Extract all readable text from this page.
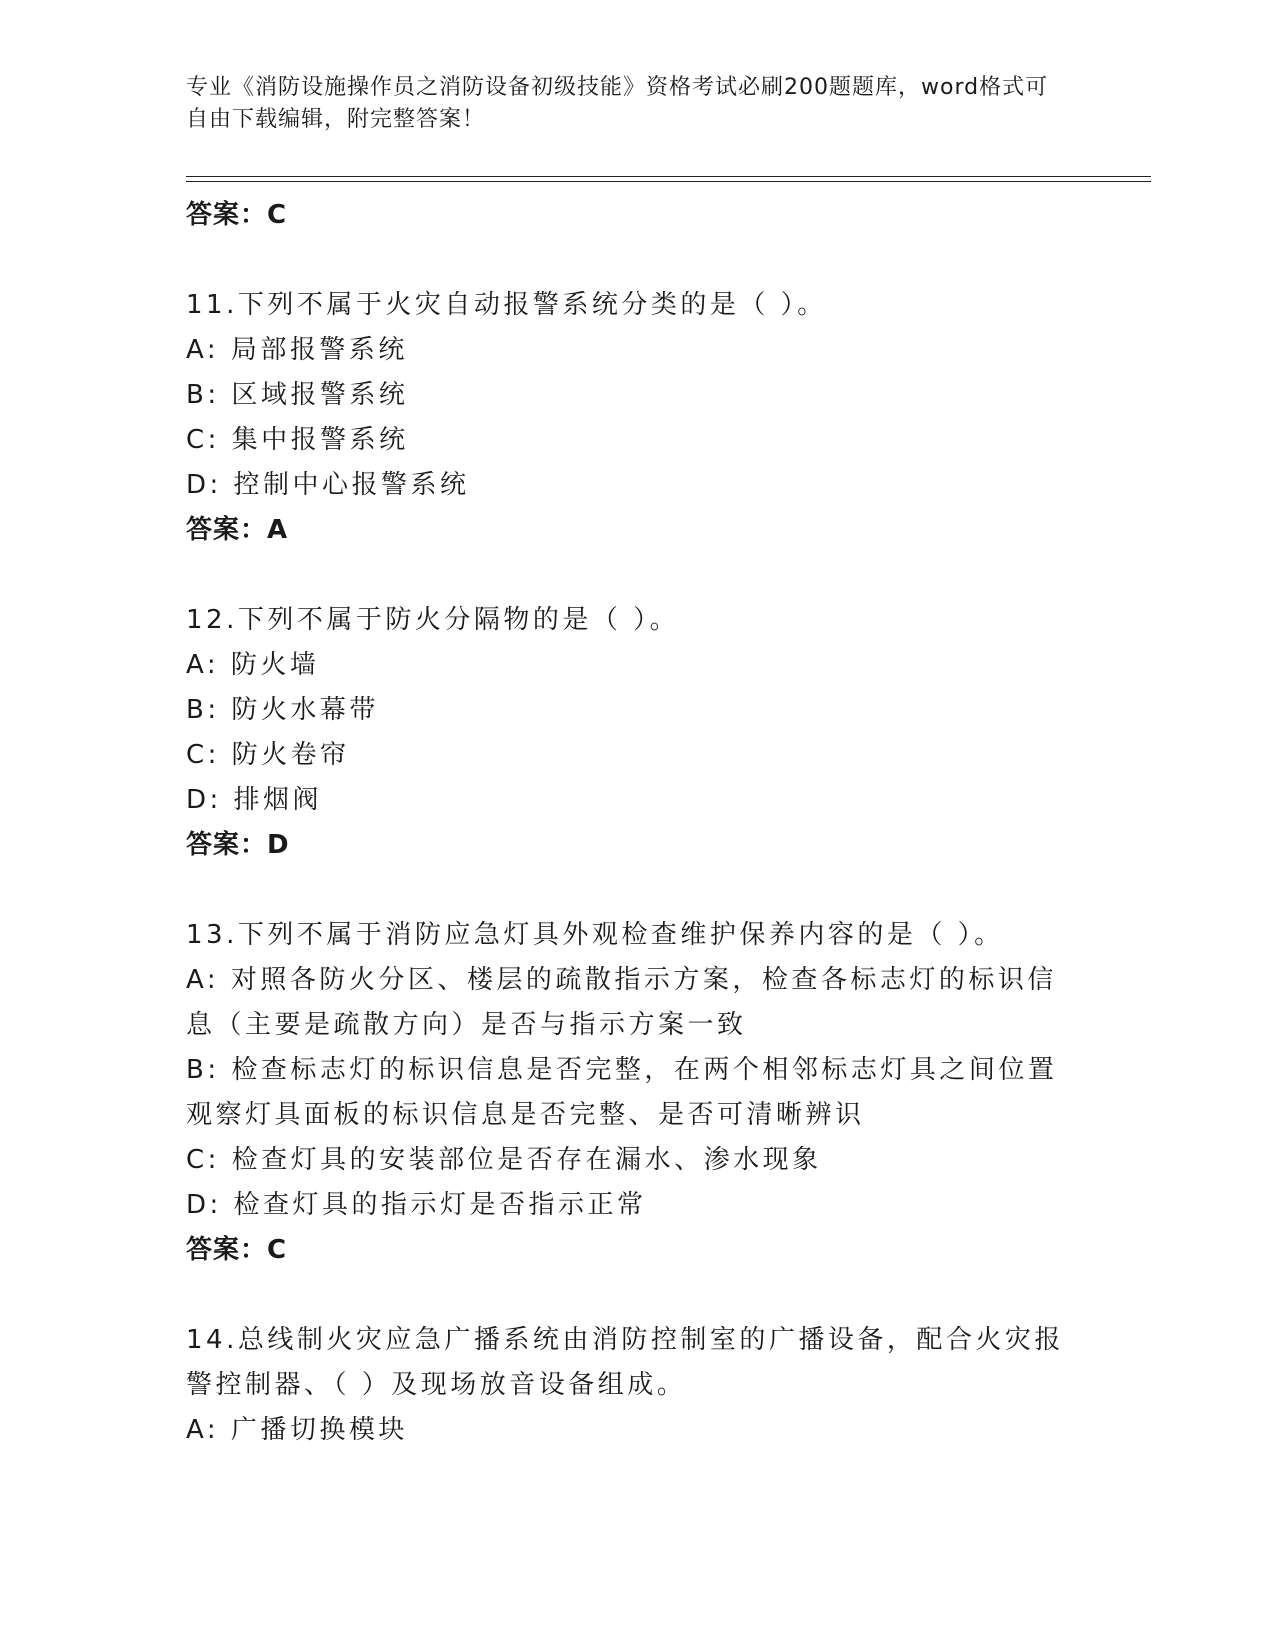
专业《消防设施操作员之消防设备初级技能》资格考试必刷200题题库，word格式可自由下载编辑，附完整答案！
答案：C
11.下列不属于火灾自动报警系统分类的是（ ）。
A: 局部报警系统
B: 区域报警系统
C: 集中报警系统
D: 控制中心报警系统
答案：A
12.下列不属于防火分隔物的是（ ）。
A: 防火墙
B: 防火水幕带
C: 防火卷帘
D: 排烟阀
答案：D
13.下列不属于消防应急灯具外观检查维护保养内容的是（ ）。
A: 对照各防火分区、楼层的疏散指示方案，检查各标志灯的标识信息（主要是疏散方向）是否与指示方案一致
B: 检查标志灯的标识信息是否完整，在两个相邻标志灯具之间位置观察灯具面板的标识信息是否完整、是否可清晰辨识
C: 检查灯具的安装部位是否存在漏水、渗水现象
D: 检查灯具的指示灯是否指示正常
答案：C
14.总线制火灾应急广播系统由消防控制室的广播设备，配合火灾报警控制器、（ ）及现场放音设备组成。
A: 广播切换模块
